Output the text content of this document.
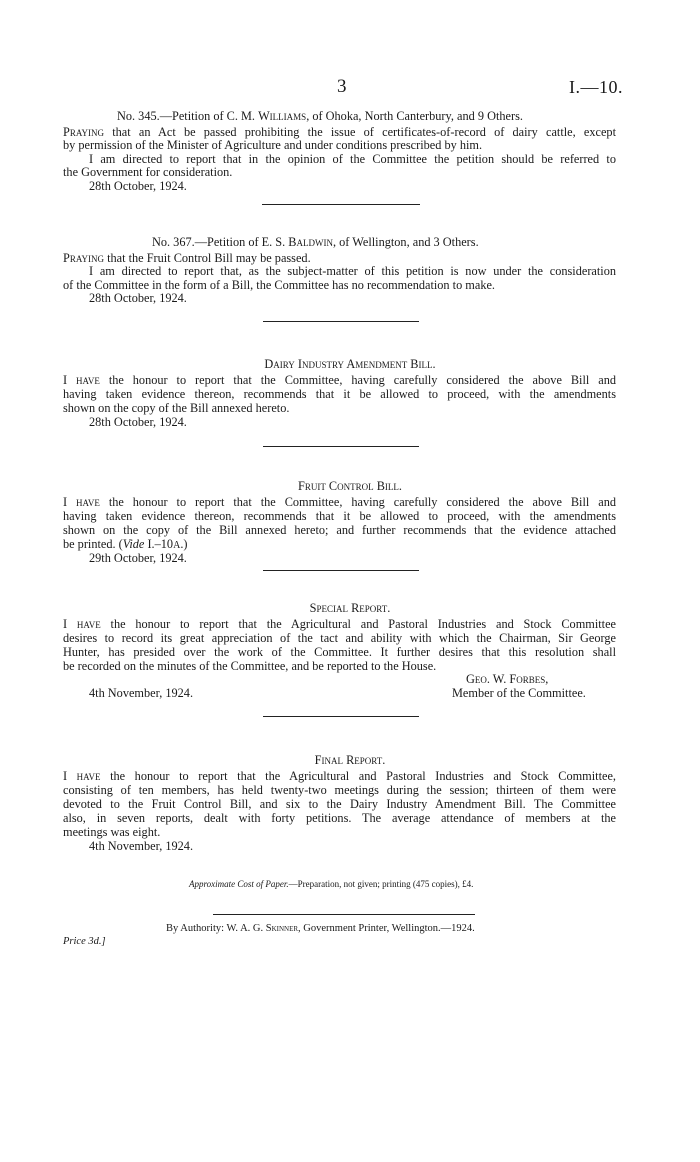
3	I.—10.
No. 345.—Petition of C. M. Williams, of Ohoka, North Canterbury, and 9 Others.
Praying that an Act be passed prohibiting the issue of certificates-of-record of dairy cattle, except
by permission of the Minister of Agriculture and under conditions prescribed by him.
I am directed to report that in the opinion of the Committee the petition should be referred to
the Government for consideration.
28th October, 1924.
No. 367.—Petition of E. S. Baldwin, of Wellington, and 3 Others.
Praying that the Fruit Control Bill may be passed.
I am directed to report that, as the subject-matter of this petition is now under the consideration
of the Committee in the form of a Bill, the Committee has no recommendation to make.
28th October, 1924.
Dairy Industry Amendment Bill.
I have the honour to report that the Committee, having carefully considered the above Bill and
having taken evidence thereon, recommends that it be allowed to proceed, with the amendments
shown on the copy of the Bill annexed hereto.
28th October, 1924.
Fruit Control Bill.
I have the honour to report that the Committee, having carefully considered the above Bill and
having taken evidence thereon, recommends that it be allowed to proceed, with the amendments
shown on the copy of the Bill annexed hereto; and further recommends that the evidence attached
be printed. (Vide I.–10A.)
29th October, 1924.
Special Report.
I have the honour to report that the Agricultural and Pastoral Industries and Stock Committee
desires to record its great appreciation of the tact and ability with which the Chairman, Sir George
Hunter, has presided over the work of the Committee. It further desires that this resolution shall
be recorded on the minutes of the Committee, and be reported to the House.
Geo. W. Forbes,
4th November, 1924.	Member of the Committee.
Final Report.
I have the honour to report that the Agricultural and Pastoral Industries and Stock Committee,
consisting of ten members, has held twenty-two meetings during the session; thirteen of them were
devoted to the Fruit Control Bill, and six to the Dairy Industry Amendment Bill. The Committee
also, in seven reports, dealt with forty petitions. The average attendance of members at the
meetings was eight.
4th November, 1924.
Approximate Cost of Paper.—Preparation, not given; printing (475 copies), £4.
By Authority: W. A. G. Skinner, Government Printer, Wellington.—1924.
Price 3d.]
